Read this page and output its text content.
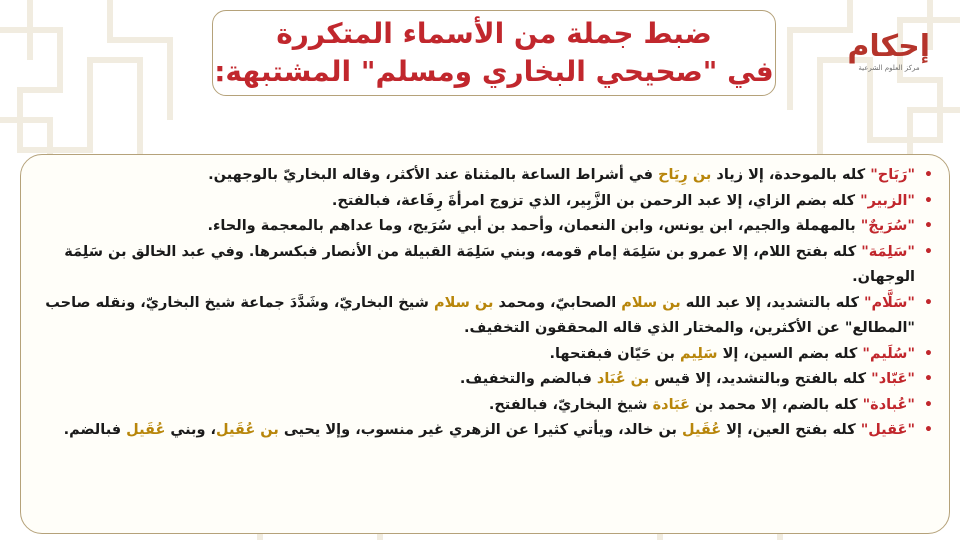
ضبط جملة من الأسماء المتكررة
في "صحيحي البخاري ومسلم" المشتبهة:
إحكام
مركز العلوم الشرعية
•
"رَبَاح" كله بالموحدة، إلا زياد بن رِيَاح في أشراط الساعة بالمثناة عند الأكثر، وقاله البخاريّ بالوجهين.
•
"الزبير" كله بضم الزاي، إلا عبد الرحمن بن الزَّبِير، الذي تزوج امرأةَ رِفَاعة، فبالفتح.
•
"سُرَيجٌ" بالمهملة والجيم، ابن يونس، وابن النعمان، وأحمد بن أبي سُرَيج، وما عداهم بالمعجمة والحاء.
•
"سَلِمَة" كله بفتح اللام، إلا عمرو بن سَلِمَة إمام قومه، وبني سَلِمَة القبيلة من الأنصار فبكسرها. وفي عبد الخالق بن سَلِمَة الوجهان.
•
"سَلَّام" كله بالتشديد، إلا عبد الله بن سلام الصحابيّ، ومحمد بن سلام شيخ البخاريّ، وشَدَّدَ جماعة شيخ البخاريّ، ونقله صاحب "المطالع" عن الأكثرين، والمختار الذي قاله المحققون التخفيف.
•
"سُلَيم" كله بضم السين، إلا سَلِيم بن حَيّان فبفتحها.
•
"عَبّاد" كله بالفتح وبالتشديد، إلا قيس بن عُبَاد فبالضم والتخفيف.
•
"عُبادة" كله بالضم، إلا محمد بن عَبَادة شيخ البخاريّ، فبالفتح.
•
"عَقيل" كله بفتح العين، إلا عُقَيل بن خالد، ويأتي كثيرا عن الزهري غير منسوب، وإلا يحيى بن عُقَيل، وبني عُقَيل فبالضم.
